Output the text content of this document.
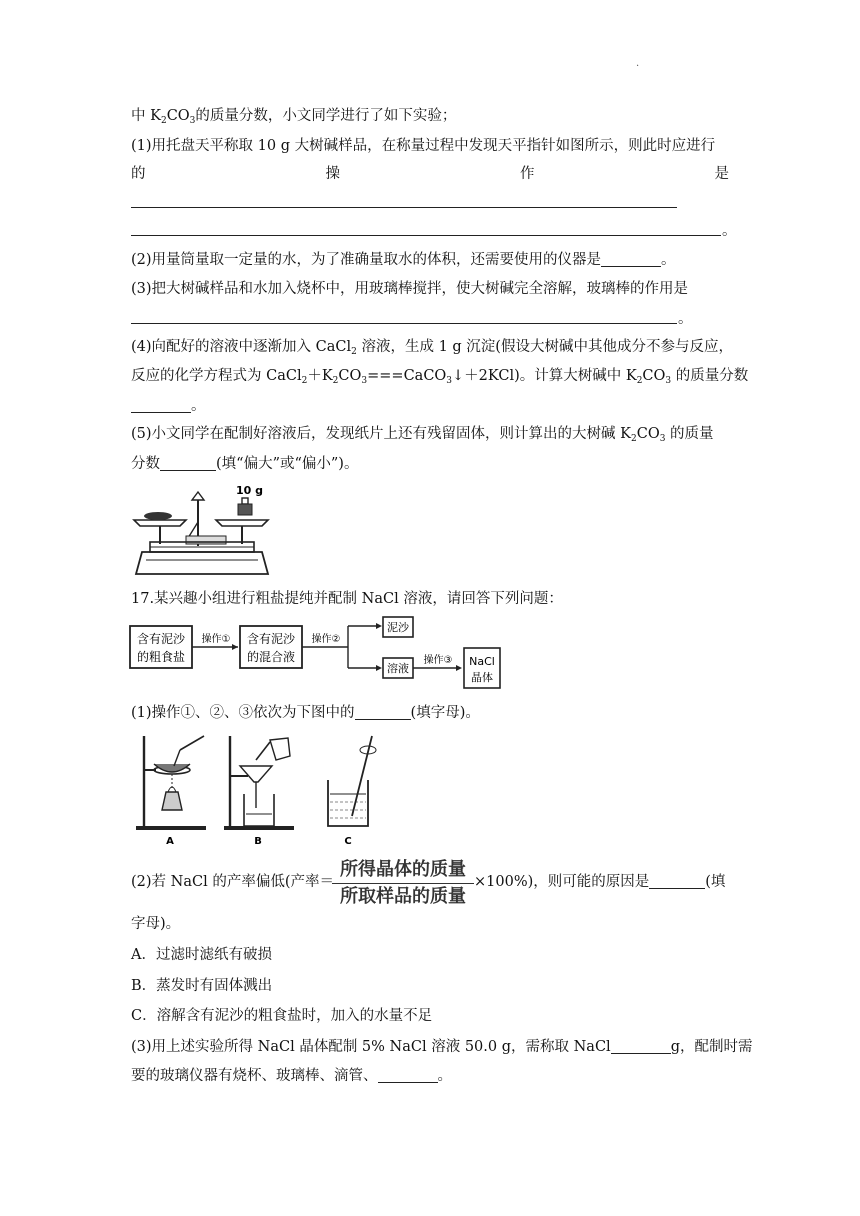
.
中 $K_2CO_3$的质量分数，小文同学进行了如下实验；
(1)用托盘天平称取 10 g 大树碱样品，在称量过程中发现天平指针如图所示，则此时应进行
的	操	作	是
。
(2)用量筒量取一定量的水，为了准确量取水的体积，还需要使用的仪器是	。
(3)把大树碱样品和水加入烧杯中，用玻璃棒搅拌，使大树碱完全溶解，玻璃棒的作用是
。
(4)向配好的溶液中逐渐加入 CaCl$_2$ 溶液，生成 1 g 沉淀(假设大树碱中其他成分不参与反应，
反应的化学方程式为 $CaCl_2+K_2CO_3===CaCO_3↓+2KCl$)。计算大树碱中 $K_2CO_3$ 的质量分数
。
(5)小文同学在配制好溶液后，发现纸片上还有残留固体，则计算出的大树碱 $K_2CO_3$ 的质量
分数	(填“偏大”或“偏小”)。
10 g
17.某兴趣小组进行粗盐提纯并配制 NaCl 溶液，请回答下列问题：
含有泥沙
的粗食盐
操作① 含有泥沙
的混合液
操作②
泥沙
溶液
操作③ NaCl
晶体
(1)操作①、②、③依次为下图中的	(填字母)。
A	B	C
(2)若 NaCl 的产率偏低(产率＝
所得晶体的质量
所取样品的质量
×100%)，则可能的原因是	(填
字母)。
A．过滤时滤纸有破损
B．蒸发时有固体溅出
C．溶解含有泥沙的粗食盐时，加入的水量不足
(3)用上述实验所得 NaCl 晶体配制 5% NaCl 溶液 50.0 g，需称取 NaCl	g，配制时需
要的玻璃仪器有烧杯、玻璃棒、滴管、	。
